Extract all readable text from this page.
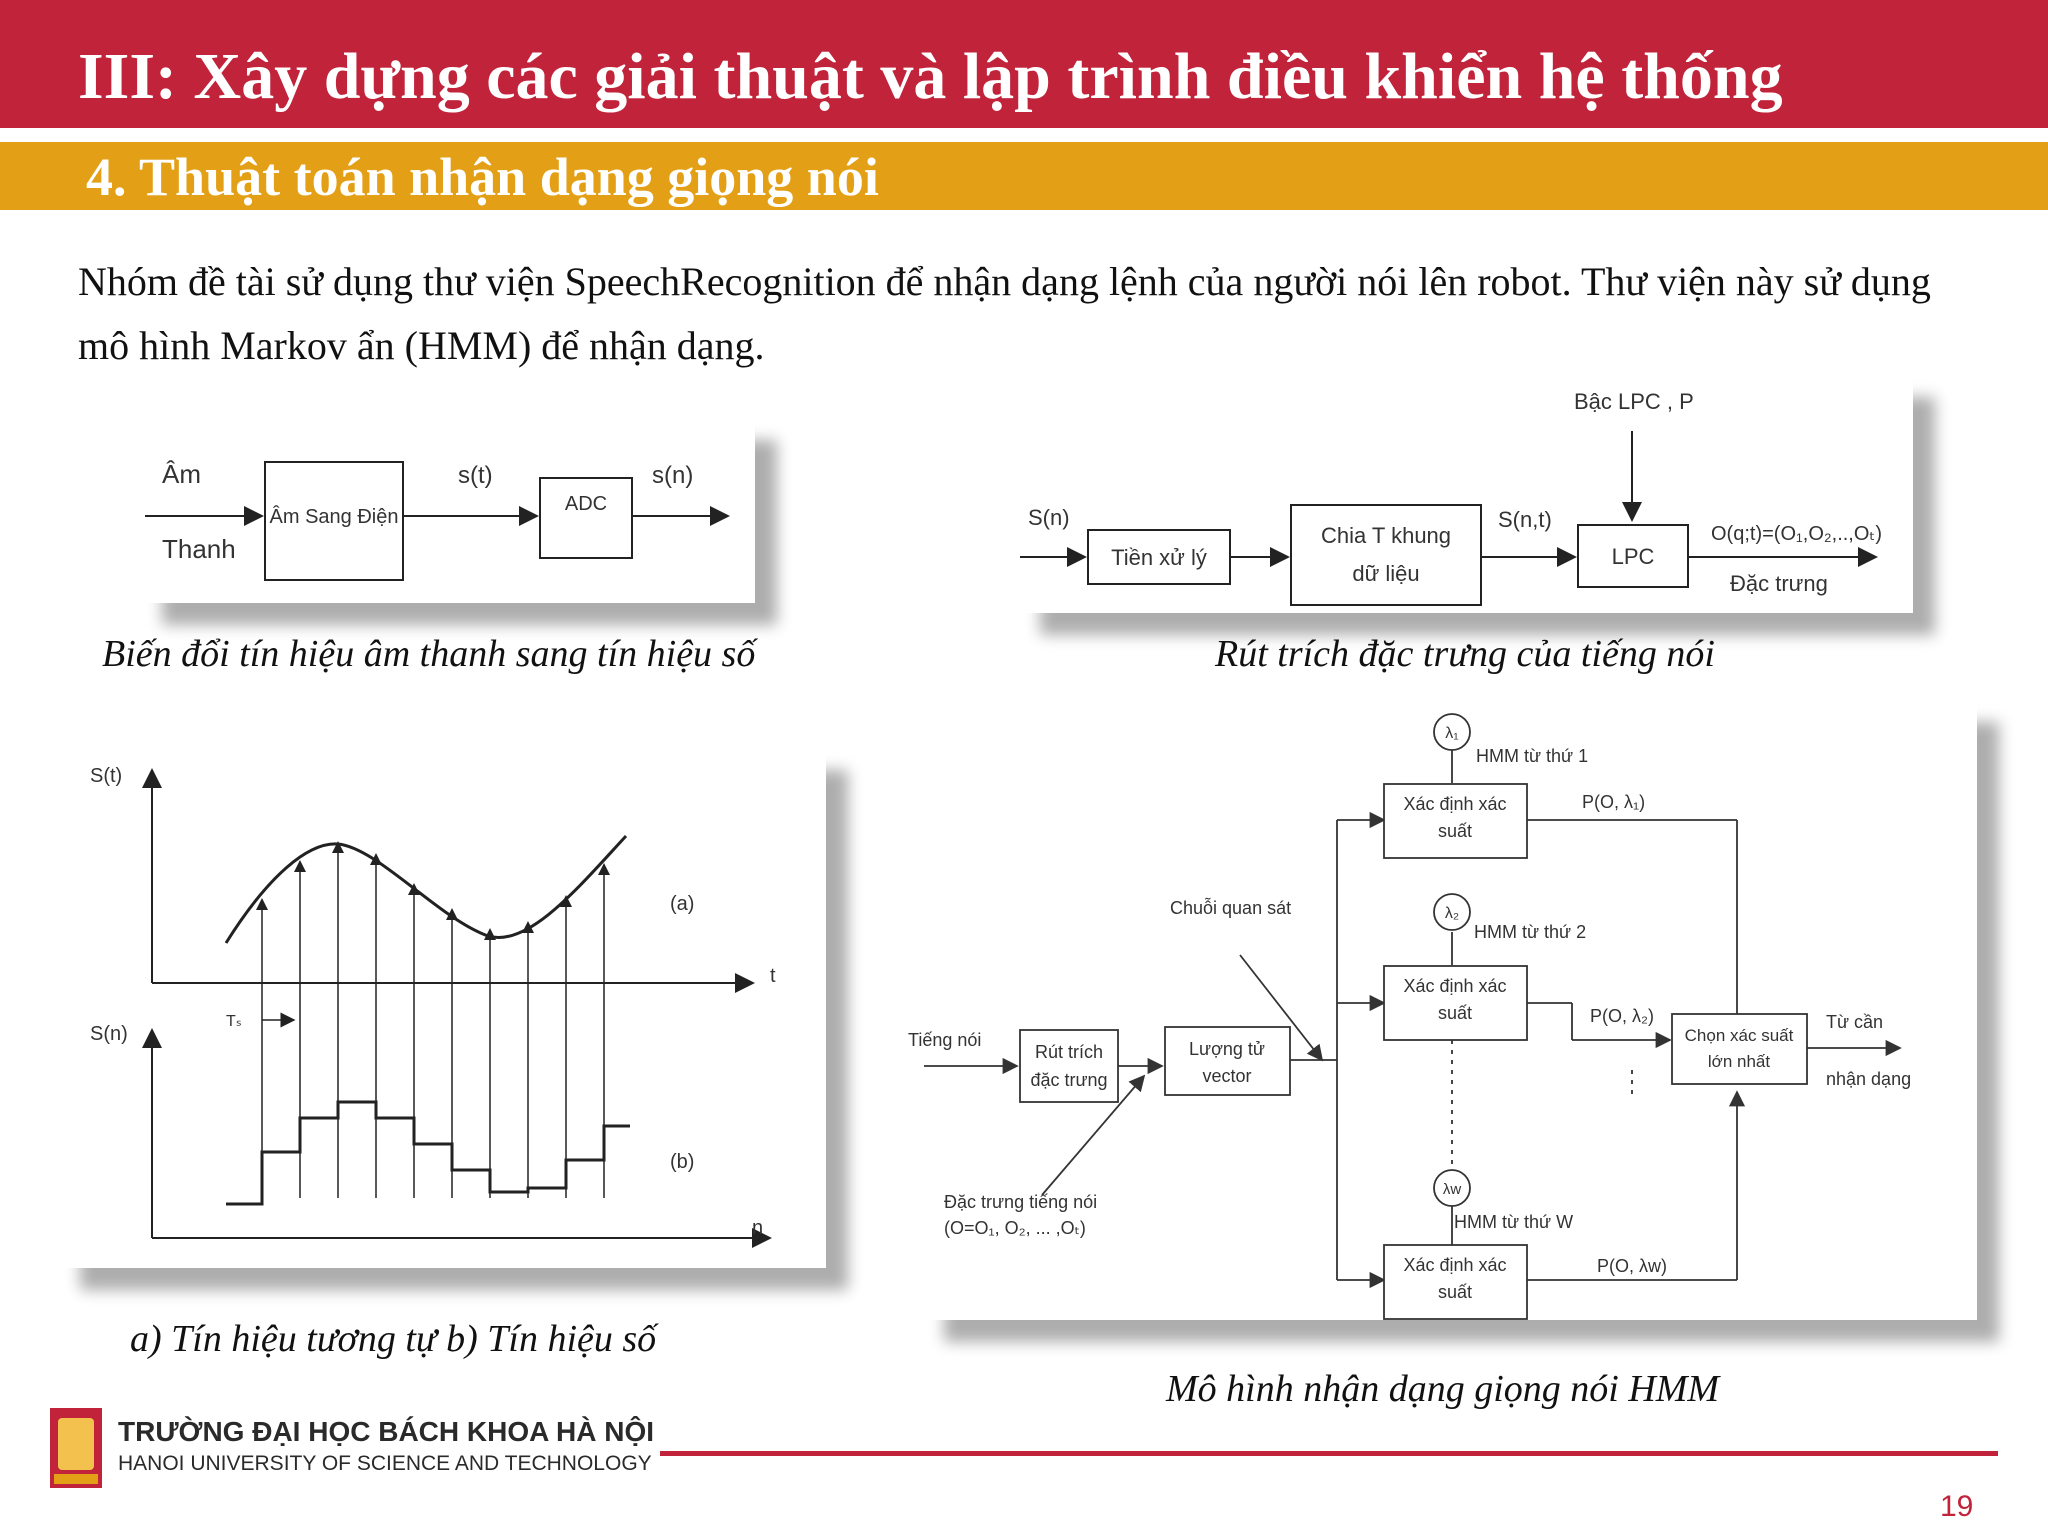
III: Xây dựng các giải thuật và lập trình điều khiển hệ thống
4. Thuật toán nhận dạng giọng nói
Nhóm đề tài sử dụng thư viện SpeechRecognition để nhận dạng lệnh của người nói lên robot. Thư viện này sử dụng mô hình Markov ẩn (HMM) để nhận dạng.
Âm
Thanh
Âm Sang Điện
s(t)
ADC
s(n)
Biến đổi tín hiệu âm thanh sang tín hiệu số
Bậc LPC , P
S(n)
Tiền xử lý
Chia T khung
dữ liệu
S(n,t)
LPC
O(q;t)=(O₁,O₂,..,Oₜ)
Đặc trưng
Rút trích đặc trưng của tiếng nói
S(t)
S(n)
t
n
(a)
(b)
Tₛ
a) Tín hiệu tương tự b) Tín hiệu số
Rút trích
đặc trưng
Lượng tử
vector
Tiếng nói
Chuỗi quan sát
Đặc trưng tiếng nói
(O=O₁, O₂, ... ,Oₜ)
λ₁
HMM từ thứ 1
Xác định xác
suất
P(O, λ₁)
λ₂
HMM từ thứ 2
Xác định xác
suất	P(O, λ₂)
λw
HMM từ thứ W
Xác định xác
suất
P(O, λw)
Chọn xác suất
lớn nhất
Từ cần
nhận dạng
Mô hình nhận dạng giọng nói HMM
TRƯỜNG ĐẠI HỌC BÁCH KHOA HÀ NỘI
HANOI UNIVERSITY OF SCIENCE AND TECHNOLOGY
19
